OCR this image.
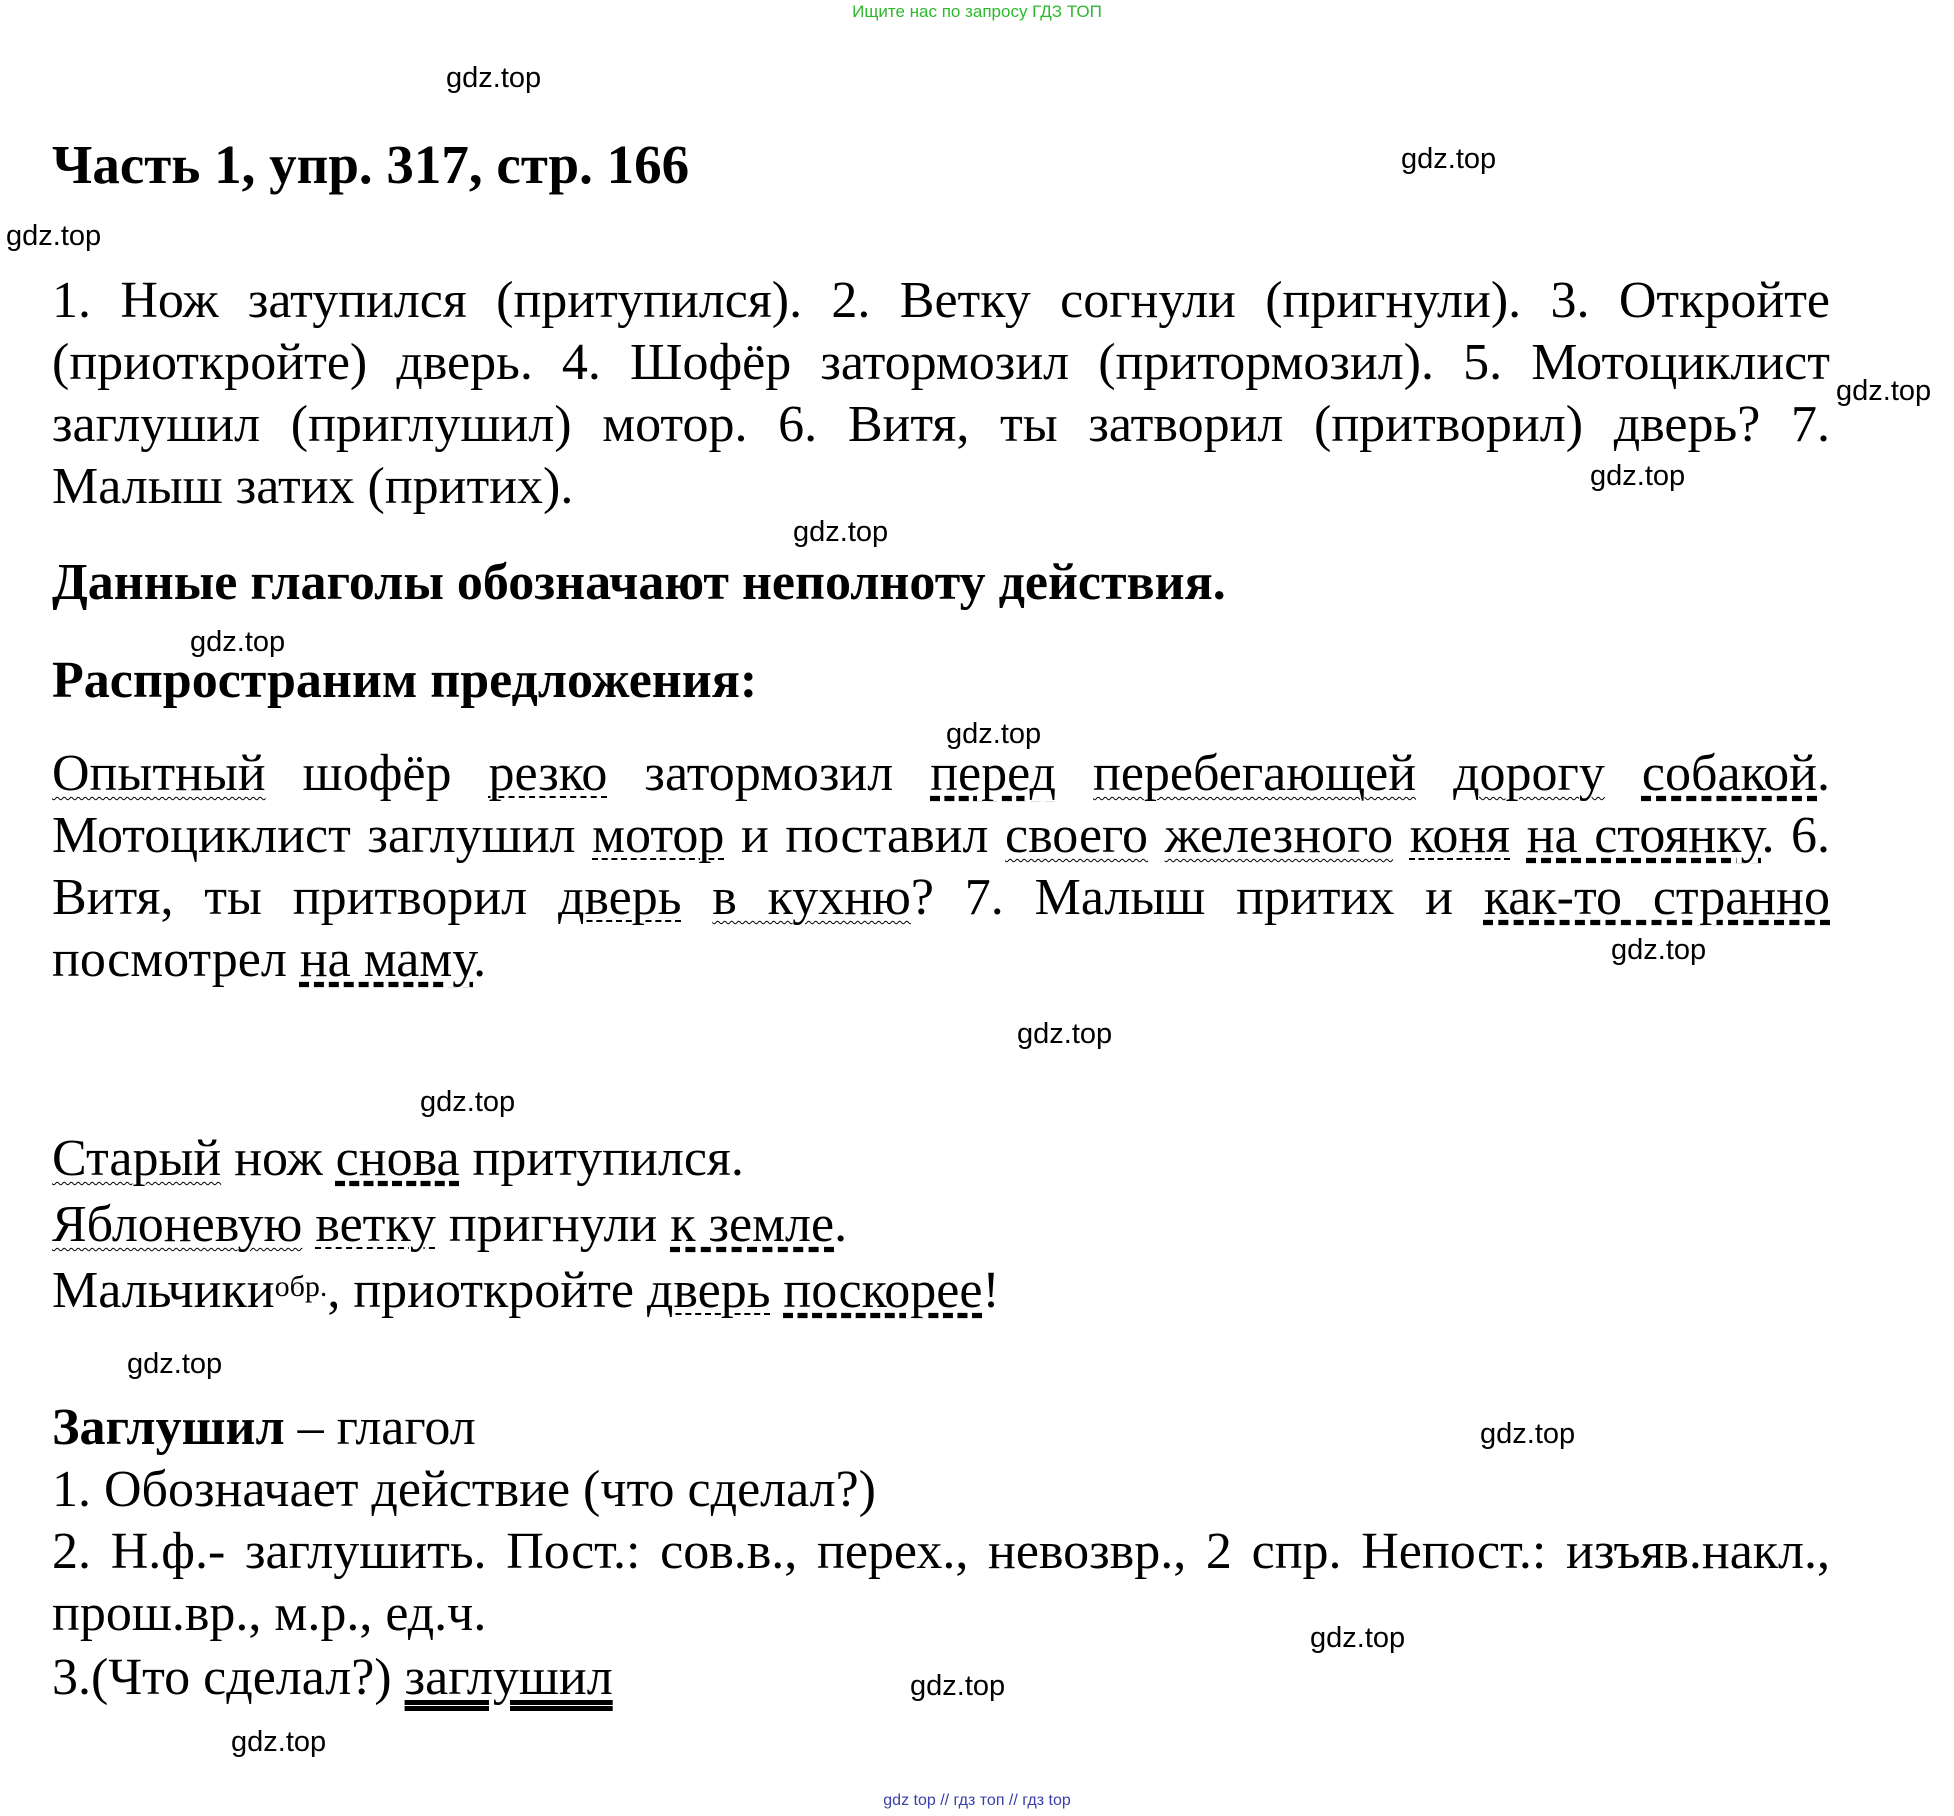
Ищите нас по запросу ГДЗ ТОП
gdz.top
gdz.top
gdz.top
gdz.top
gdz.top
gdz.top
gdz.top
gdz.top
gdz.top
gdz.top
gdz.top
gdz.top
gdz.top
gdz.top
gdz.top
gdz.top
Часть 1, упр. 317, стр. 166
1. Нож затупился (притупился). 2. Ветку согнули (пригнули). 3. Откройте (приоткройте) дверь. 4. Шофёр затормозил (притормозил). 5. Мотоциклист заглушил (приглушил) мотор. 6. Витя, ты затворил (притворил) дверь? 7. Малыш затих (притих).
Данные глаголы обозначают неполноту действия.
Распространим предложения:
Опытный шофёр резко затормозил перед перебегающей дорогу собакой. Мотоциклист заглушил мотор и поставил своего железного коня на стоянку. 6. Витя, ты притворил дверь в кухню? 7. Малыш притих и как-то странно посмотрел на маму.
Старый нож снова притупился.
Яблоневую ветку пригнули к земле.
Мальчики$^{обр.}$, приоткройте дверь поскорее!
Заглушил – глагол
1. Обозначает действие (что сделал?)
2. Н.ф.- заглушить. Пост.: сов.в., перех., невозвр., 2 спр. Непост.: изъяв.накл., прош.вр., м.р., ед.ч.
3.(Что сделал?) заглушил
gdz top // гдз топ // гдз top
